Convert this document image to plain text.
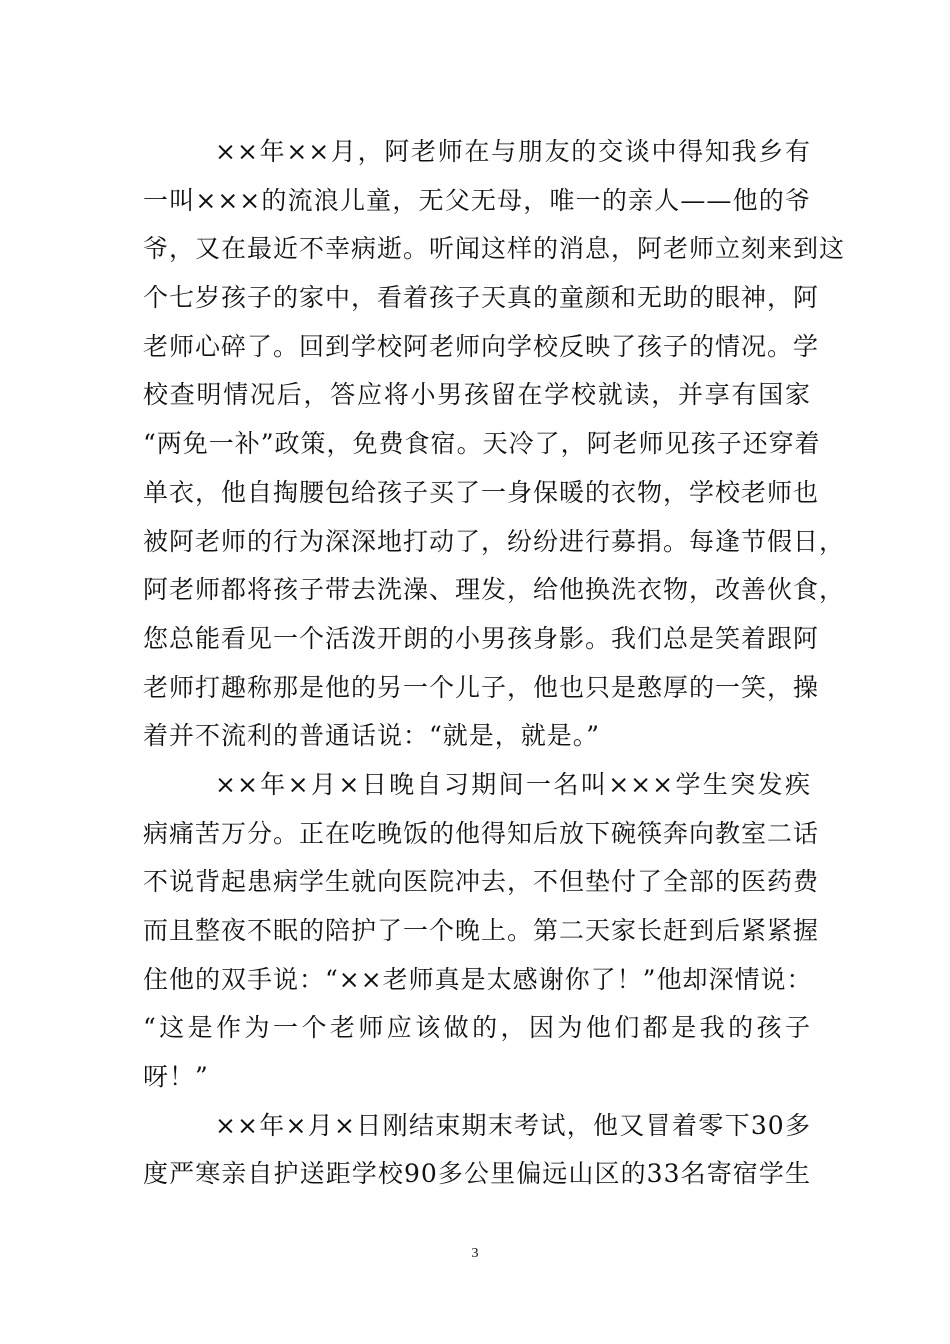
××年××月，阿老师在与朋友的交谈中得知我乡有
一叫×××的流浪儿童，无父无母，唯一的亲人——他的爷
爷，又在最近不幸病逝。听闻这样的消息，阿老师立刻来到这
个七岁孩子的家中，看着孩子天真的童颜和无助的眼神，阿
老师心碎了。回到学校阿老师向学校反映了孩子的情况。学
校查明情况后，答应将小男孩留在学校就读，并享有国家
“两免一补”政策，免费食宿。天冷了，阿老师见孩子还穿着
单衣，他自掏腰包给孩子买了一身保暖的衣物，学校老师也
被阿老师的行为深深地打动了，纷纷进行募捐。每逢节假日，
阿老师都将孩子带去洗澡、理发，给他换洗衣物，改善伙食，
您总能看见一个活泼开朗的小男孩身影。我们总是笑着跟阿
老师打趣称那是他的另一个儿子，他也只是憨厚的一笑，操
着并不流利的普通话说：“就是，就是。”
××年×月×日晚自习期间一名叫×××学生突发疾
病痛苦万分。正在吃晚饭的他得知后放下碗筷奔向教室二话
不说背起患病学生就向医院冲去，不但垫付了全部的医药费
而且整夜不眠的陪护了一个晚上。第二天家长赶到后紧紧握
住他的双手说：“××老师真是太感谢你了！”他却深情说：
“这是作为一个老师应该做的，因为他们都是我的孩子
呀！”
××年×月×日刚结束期末考试，他又冒着零下30多
度严寒亲自护送距学校90多公里偏远山区的33名寄宿学生
3
